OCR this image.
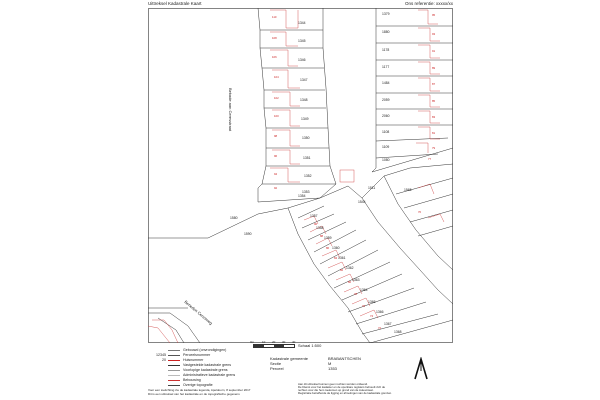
Uittreksel Kadastrale Kaart	Ons referentie: xxxxx/xx
1344
1345
1346
1347
1348
1349
1350
1351
1352
1353
1354
110
108
106
104
102
100
98
96
94
92
1379
1880
1178
1177
1484
2059
2060
1108
1109
1080
95
93
91
89
87
85
83
81
79
77
1511
1544
1565
1357
1358
1359
1360
1361
1362
1363
1364
1365
1366
1367
1368
1580
1590
90
88
86
84
82
80
78
76
74
72
70
Bekade aan Ceresstraat
Beneden Ceresweg
0m	10 20 30 40
Schaal 1:500
Gebouwd (onvrondigingen)
12345	Perceelsnummer
20	Huisnummer
Vastgestelde kadastrale grens
Voorlopige kadastrale grens
Administratieve kadastrale grens
Bebouwing
Overige topografie
Voor een toelichting zie de kadastrale legenda, Apeldoorn, 8 september 2017
Dit is een uittreksel van het kadastrale en de topografische gegevens
Kadastrale gemeente	BRABANTSCHEN
Sectie	M
Perceel	1353
Aan dit uittreksel kunnen geen rechten worden ontleend.
De Dienst voor het kadaster en de openbare registers behoudt zich de
rechten voor die hem toekomen op grond van de Auteurswet.
Registratie betreffende de ligging en afmetingen van de kadastrale grenzen.
